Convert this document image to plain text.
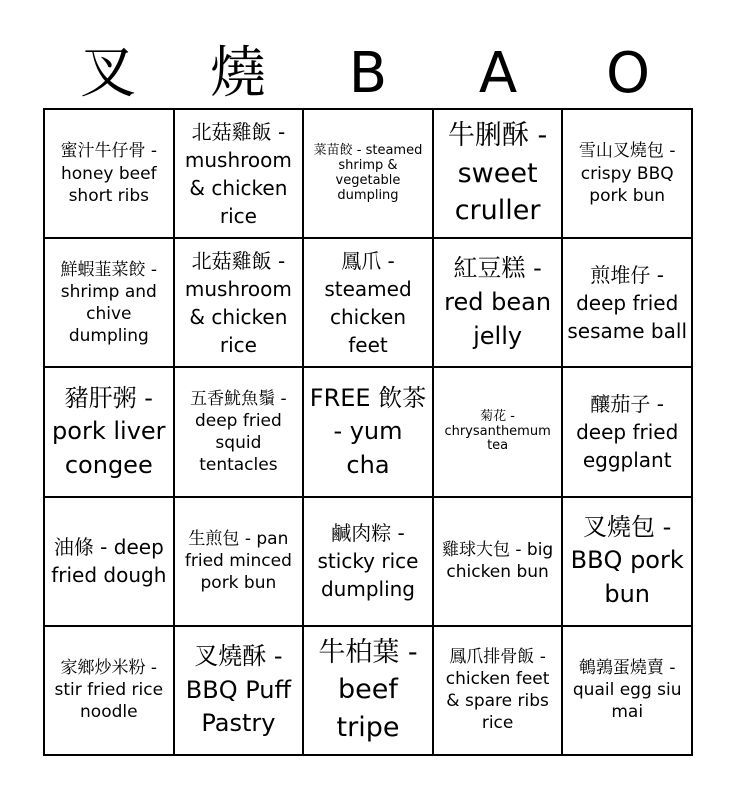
叉	燒	B	A	O
蜜汁牛仔骨 - honey beef short ribs
北菇雞飯 - mushroom & chicken rice
菜苗餃 - steamed shrimp & vegetable dumpling
牛脷酥 - sweet cruller
雪山叉燒包 - crispy BBQ pork bun
鮮蝦韮菜餃 - shrimp and chive dumpling
北菇雞飯 - mushroom & chicken rice
鳳爪 - steamed chicken feet
紅豆糕 - red bean jelly
煎堆仔 - deep fried sesame ball
豬肝粥 - pork liver congee
五香魷魚鬚 - deep fried squid tentacles
FREE 飲茶 - yum cha
菊花 - chrysanthemum tea
釀茄子 - deep fried eggplant
油條 - deep fried dough
生煎包 - pan fried minced pork bun
鹹肉粽 - sticky rice dumpling
雞球大包 - big chicken bun
叉燒包 - BBQ pork bun
家鄉炒米粉 - stir fried rice noodle
叉燒酥 - BBQ Puff Pastry
牛柏葉 - beef tripe
鳳爪排骨飯 - chicken feet & spare ribs rice
鵪鶉蛋燒賣 - quail egg siu mai
